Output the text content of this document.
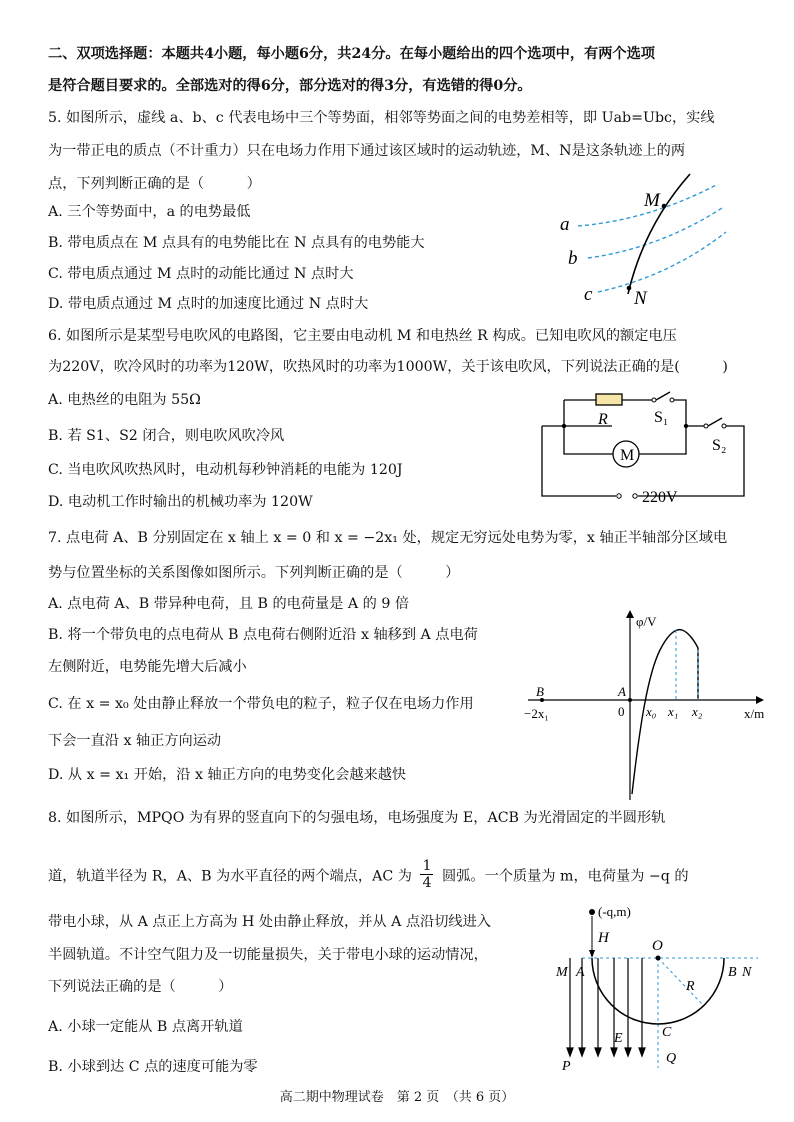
二、双项选择题：本题共4小题，每小题6分，共24分。在每小题给出的四个选项中，有两个选项
是符合题目要求的。全部选对的得6分，部分选对的得3分，有选错的得0分。
5. 如图所示，虚线 a、b、c 代表电场中三个等势面，相邻等势面之间的电势差相等，即 Uab=Ubc，实线
为一带正电的质点（不计重力）只在电场力作用下通过该区域时的运动轨迹，M、N是这条轨迹上的两
点，下列判断正确的是（　　　）
A. 三个等势面中，a 的电势最低
B. 带电质点在 M 点具有的电势能比在 N 点具有的电势能大
C. 带电质点通过 M 点时的动能比通过 N 点时大
D. 带电质点通过 M 点时的加速度比通过 N 点时大
a
b
c
M
N
6. 如图所示是某型号电吹风的电路图，它主要由电动机 M 和电热丝 R 构成。已知电吹风的额定电压
为220V，吹冷风时的功率为120W，吹热风时的功率为1000W，关于该电吹风，下列说法正确的是(　　　)
A. 电热丝的电阻为 55Ω
B. 若 S1、S2 闭合，则电吹风吹冷风
C. 当电吹风吹热风时，电动机每秒钟消耗的电能为 120J
D. 电动机工作时输出的机械功率为 120W
R	S₁
S₂
M
220V
7. 点电荷 A、B 分别固定在 x 轴上 x = 0 和 x = −2x₁ 处，规定无穷远处电势为零，x 轴正半轴部分区域电
势与位置坐标的关系图像如图所示。下列判断正确的是（　　　）
A. 点电荷 A、B 带异种电荷，且 B 的电荷量是 A 的 9 倍
B. 将一个带负电的点电荷从 B 点电荷右侧附近沿 x 轴移到 A 点电荷
左侧附近，电势能先增大后减小
C. 在 x = x₀ 处由静止释放一个带负电的粒子，粒子仅在电场力作用
下会一直沿 x 轴正方向运动
D. 从 x = x₁ 开始，沿 x 轴正方向的电势变化会越来越快
φ/V
x/m
B	A
−2x₁	0 x₀ x₁ x₂
8. 如图所示，MPQO 为有界的竖直向下的匀强电场，电场强度为 E，ACB 为光滑固定的半圆形轨
道，轨道半径为 R，A、B 为水平直径的两个端点，AC 为 $\frac{1}{4}$ 圆弧。一个质量为 m，电荷量为 −q 的
带电小球，从 A 点正上方高为 H 处由静止释放，并从 A 点沿切线进入
半圆轨道。不计空气阻力及一切能量损失，关于带电小球的运动情况，
下列说法正确的是（　　　）
A. 小球一定能从 B 点离开轨道
B. 小球到达 C 点的速度可能为零
(-q,m)
H	O
M A
R
B N
E	C
P
Q
高二期中物理试卷　第 2 页　（共 6 页）
